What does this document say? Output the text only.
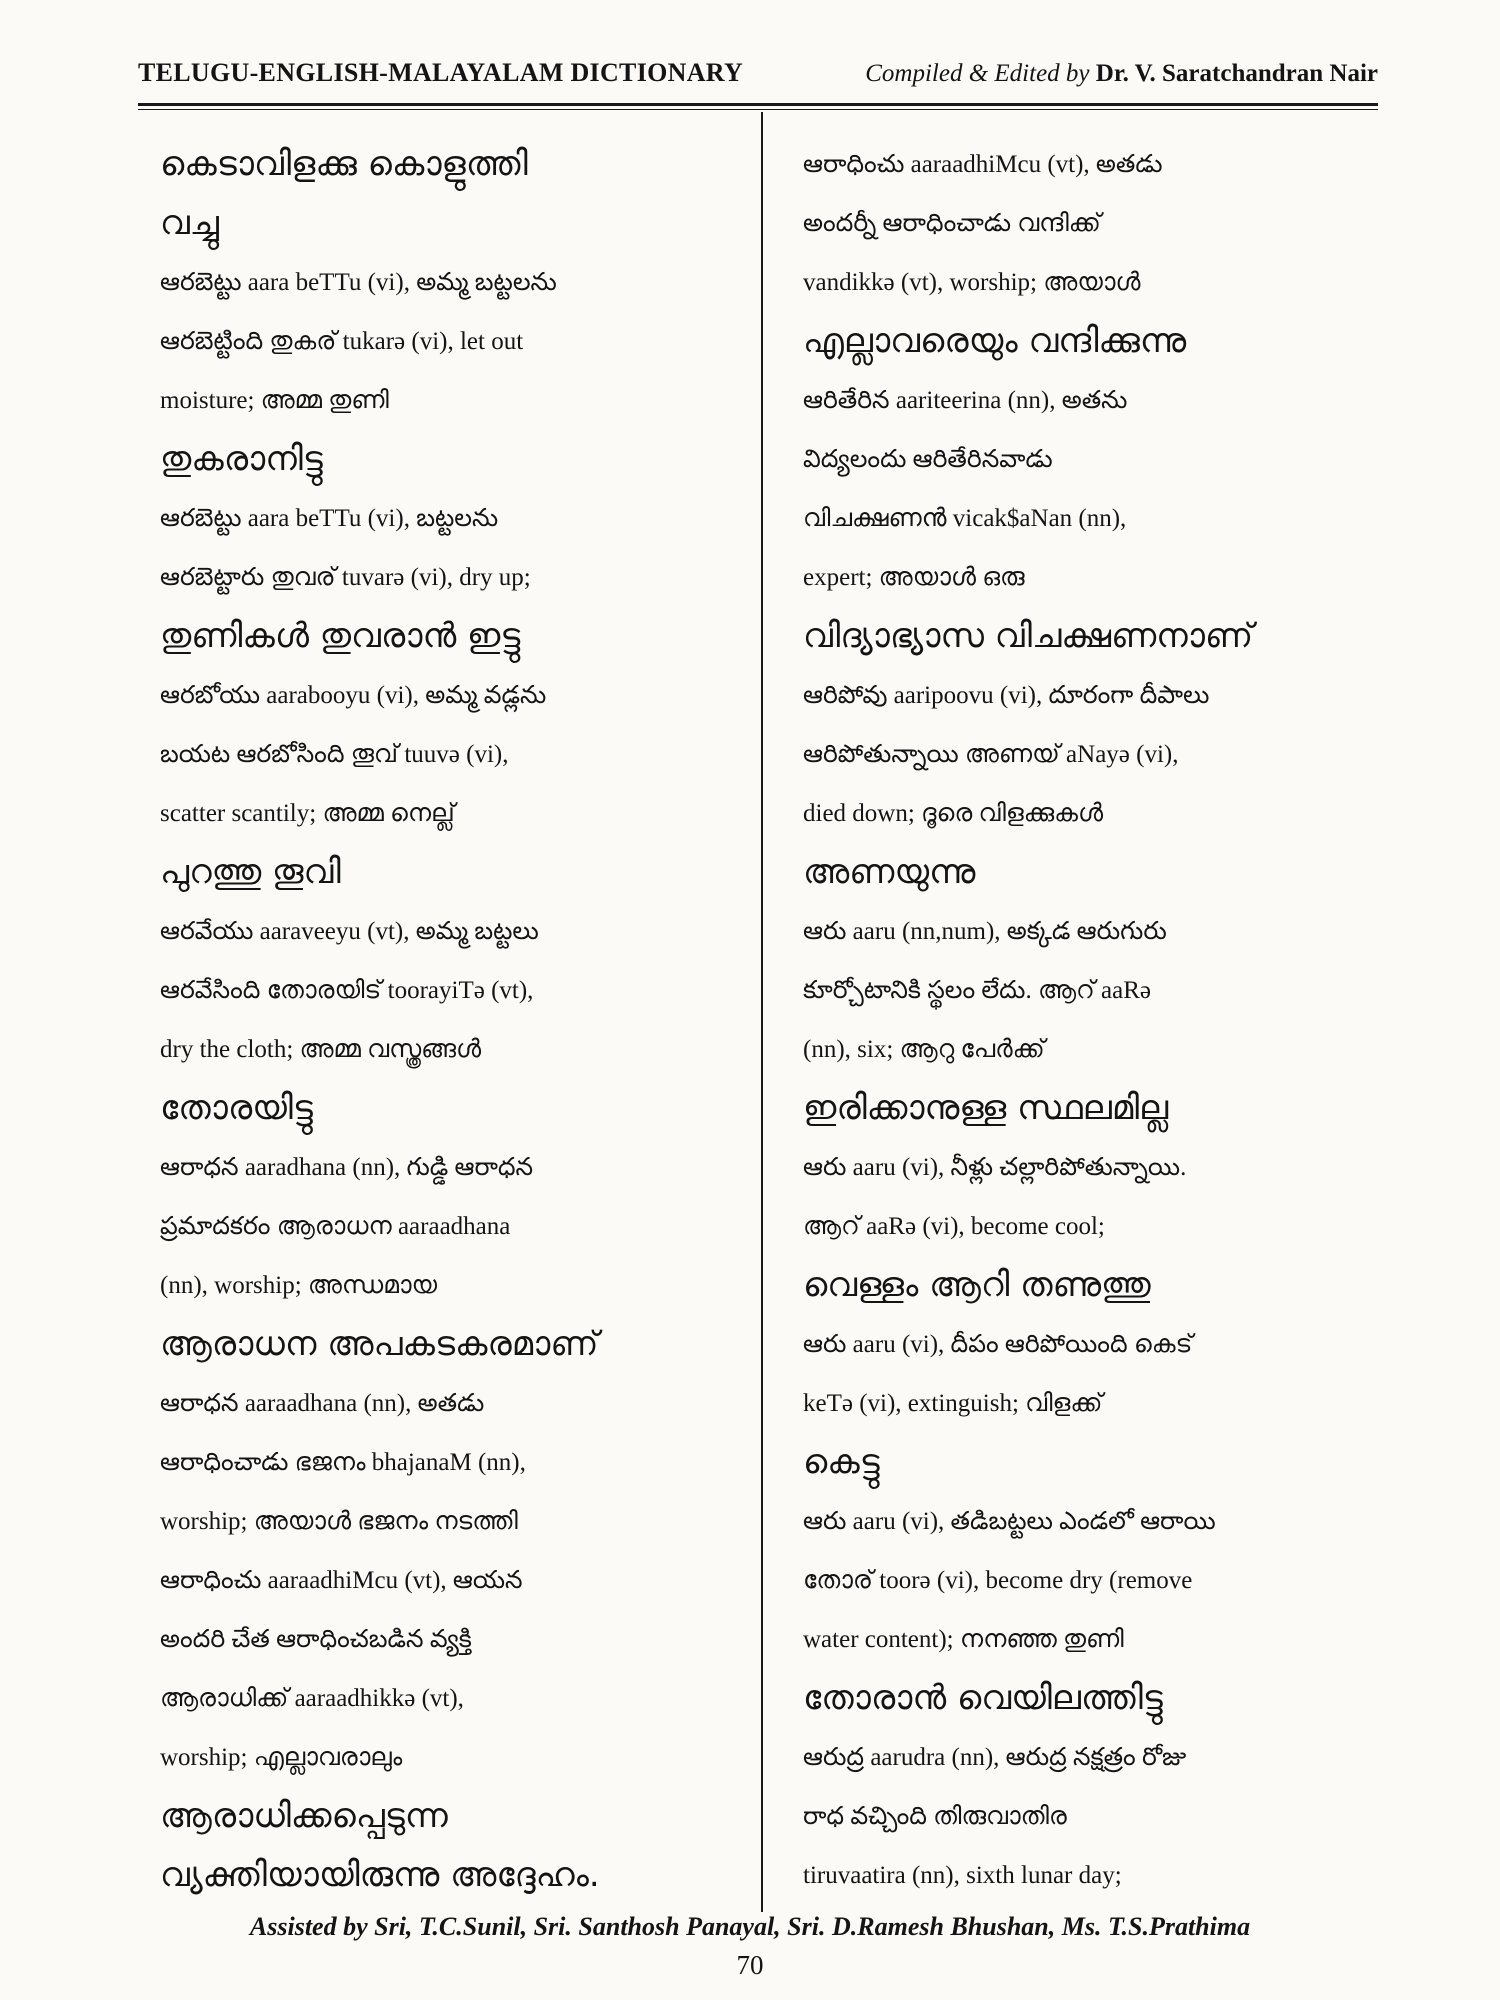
TELUGU-ENGLISH-MALAYALAM DICTIONARY	Compiled & Edited by Dr. V. Saratchandran Nair
കെടാവിളക്കു കൊളുത്തി
വച്ചു
ఆరబెట్టు aara beTTu (vi), అమ్మ బట్టలను
ఆరబెట్టింది തുകര് tukarə (vi), let out
moisture; അമ്മ തുണി
തുകരാനിട്ടു
ఆరబెట్టు aara beTTu (vi), బట్టలను
ఆరబెట్టారు തുവര് tuvarə (vi), dry up;
തുണികൾ തുവരാൻ ഇട്ടു
ఆరబోయు aarabooyu (vi), అమ్మ వడ్లను
బయట ఆరబోసింది തൂവ് tuuvə (vi),
scatter scantily; അമ്മ നെല്ല്
പുറത്തു തൂവി
ఆరవేయు aaraveeyu (vt), అమ్మ బట్టలు
ఆరవేసింది തോരയിട് toorayiTə (vt),
dry the cloth; അമ്മ വസ്ത്രങ്ങൾ
തോരയിട്ടു
ఆరాధన aaradhana (nn), గుడ్డి ఆరాధన
ప్రమాదకరం ആരാധന aaraadhana
(nn), worship; അന്ധമായ
ആരാധന അപകടകരമാണ്
ఆరాధన aaraadhana (nn), అతడు
ఆరాధించాడు ഭജനം bhajanaM (nn),
worship; അയാൾ ഭജനം നടത്തി
ఆరాధించు aaraadhiMcu (vt), ఆయన
అందరి చేత ఆరాధించబడిన వ్యక్తి
ആരാധിക്ക് aaraadhikkə (vt),
worship; എല്ലാവരാലും
ആരാധിക്കപ്പെടുന്ന
വ്യക്തിയായിരുന്നു അദ്ദേഹം.
ఆరాధించు aaraadhiMcu (vt), అతడు
అందర్నీ ఆరాధించాడు വന്ദിക്ക്
vandikkə (vt), worship; അയാൾ
എല്ലാവരെയും വന്ദിക്കുന്നു
ఆరితేరిన aariteerina (nn), అతను
విద్యలందు ఆరితేరినవాడు
വിചക്ഷണൻ vicak$aNan (nn),
expert; അയാൾ ഒരു
വിദ്യാഭ്യാസ വിചക്ഷണനാണ്
ఆరిపోవు aaripoovu (vi), దూరంగా దీపాలు
ఆరిపోతున్నాయి അണയ് aNayə (vi),
died down; ദൂരെ വിളക്കുകൾ
അണയുന്നു
ఆరు aaru (nn,num), అక్కడ ఆరుగురు
కూర్చోటానికి స్థలం లేదు. ആറ് aaRə
(nn), six; ആറു പേർക്ക്
ഇരിക്കാനുള്ള സ്ഥലമില്ല
ఆరు aaru (vi), నీళ్లు చల్లారిపోతున్నాయి.
ആറ് aaRə (vi), become cool;
വെള്ളം ആറി തണുത്തു
ఆరు aaru (vi), దీపం ఆరిపోయింది കെട്
keTə (vi), extinguish; വിളക്ക്
കെട്ടു
ఆరు aaru (vi), తడిబట్టలు ఎండలో ఆరాయి
തോര് toorə (vi), become dry (remove
water content); നനഞ്ഞ തുണി
തോരാൻ വെയിലത്തിട്ടു
ఆరుద్ర aarudra (nn), ఆరుద్ర నక్షత్రం రోజు
రాధ వచ్చింది തിരുവാതിര
tiruvaatira (nn), sixth lunar day;
Assisted by Sri, T.C.Sunil, Sri. Santhosh Panayal, Sri. D.Ramesh Bhushan, Ms. T.S.Prathima
70
